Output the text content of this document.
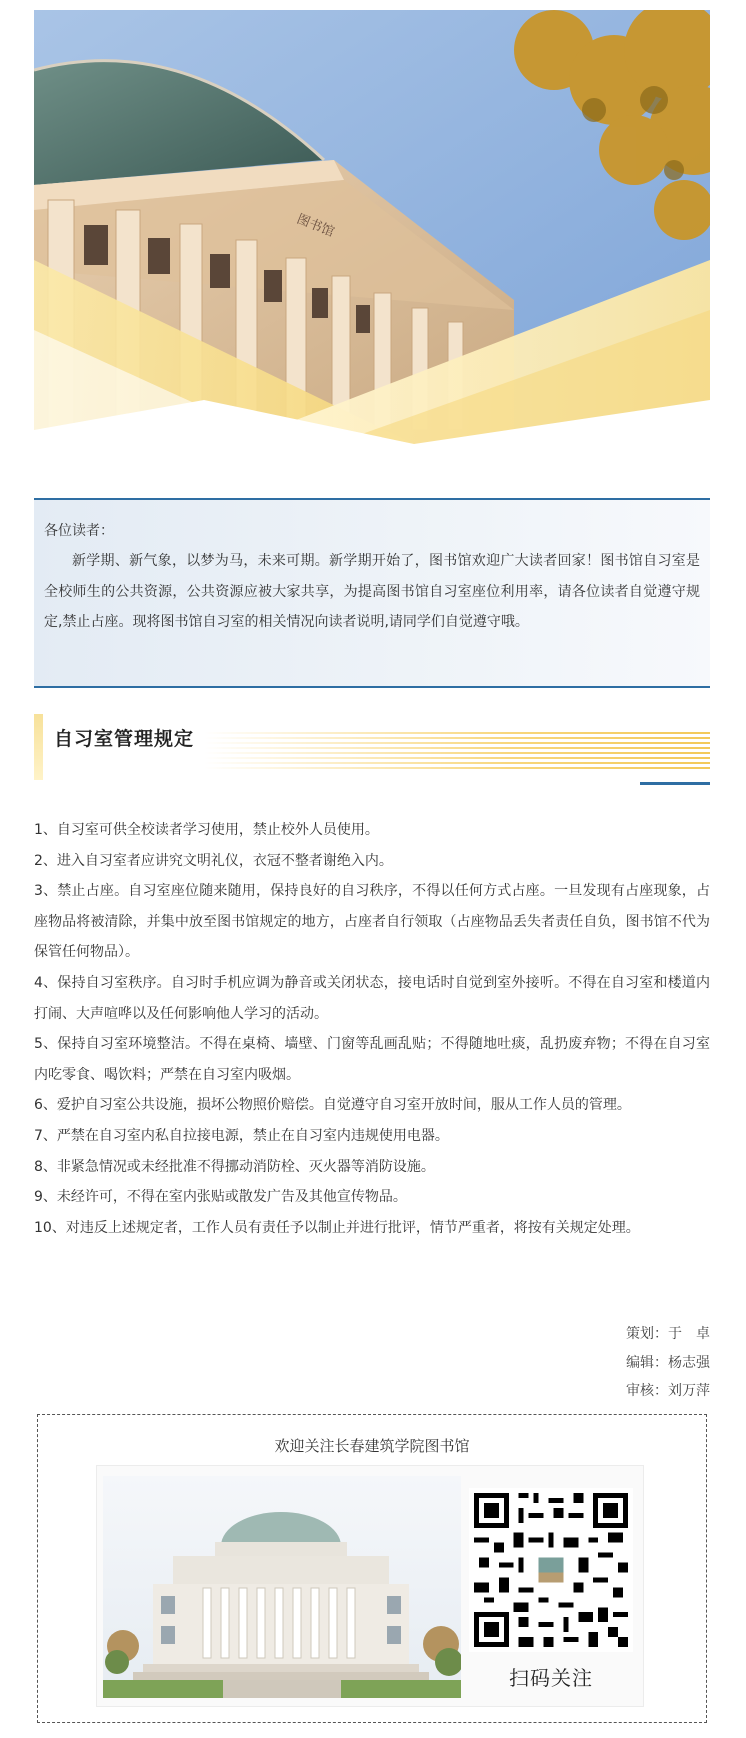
图书馆

各位读者：

新学期、新气象，以梦为马，未来可期。新学期开始了，图书馆欢迎广大读者回家！图书馆自习室是全校师生的公共资源，公共资源应被大家共享，为提高图书馆自习室座位利用率，请各位读者自觉遵守规定,禁止占座。现将图书馆自习室的相关情况向读者说明,请同学们自觉遵守哦。

自习室管理规定

1、自习室可供全校读者学习使用，禁止校外人员使用。

2、进入自习室者应讲究文明礼仪，衣冠不整者谢绝入内。

3、禁止占座。自习室座位随来随用，保持良好的自习秩序，不得以任何方式占座。一旦发现有占座现象，占座物品将被清除，并集中放至图书馆规定的地方，占座者自行领取（占座物品丢失者责任自负，图书馆不代为保管任何物品）。

4、保持自习室秩序。自习时手机应调为静音或关闭状态，接电话时自觉到室外接听。不得在自习室和楼道内打闹、大声喧哗以及任何影响他人学习的活动。

5、保持自习室环境整洁。不得在桌椅、墙壁、门窗等乱画乱贴；不得随地吐痰，乱扔废弃物；不得在自习室内吃零食、喝饮料；严禁在自习室内吸烟。

6、爱护自习室公共设施，损坏公物照价赔偿。自觉遵守自习室开放时间，服从工作人员的管理。

7、严禁在自习室内私自拉接电源，禁止在自习室内违规使用电器。

8、非紧急情况或未经批准不得挪动消防栓、灭火器等消防设施。

9、未经许可，不得在室内张贴或散发广告及其他宣传物品。

10、对违反上述规定者，工作人员有责任予以制止并进行批评，情节严重者，将按有关规定处理。

策划：于　卓

编辑：杨志强

审核：刘万萍

欢迎关注长春建筑学院图书馆
扫码关注
